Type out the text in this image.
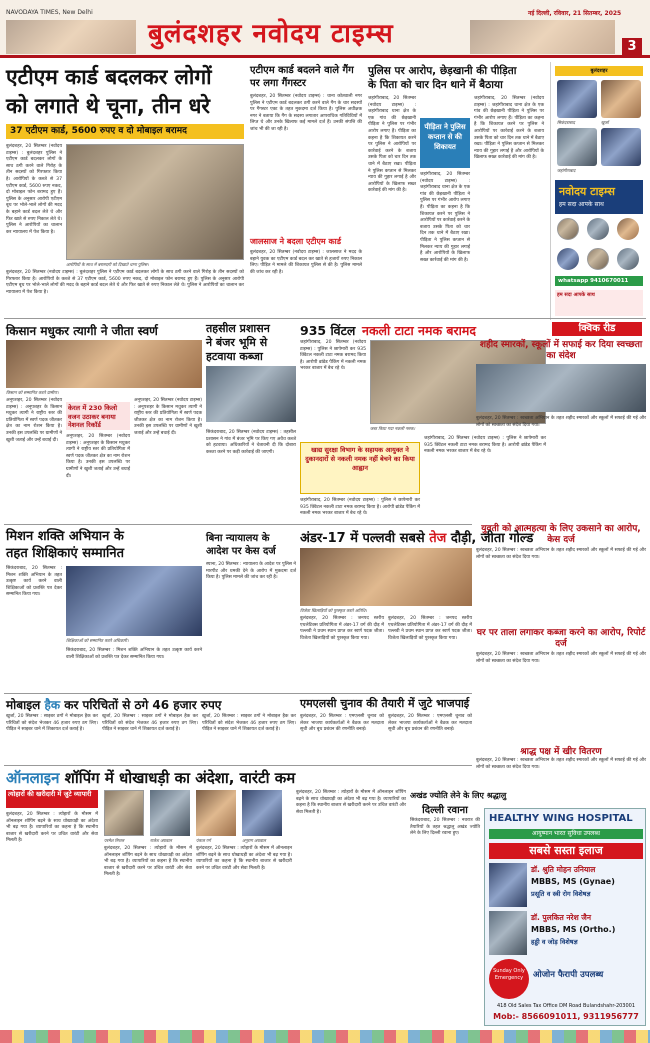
NAVODAYA TIMES, New Delhi	नई दिल्ली, रविवार, 21 सितम्बर, 2025
बुलंदशहर नवोदय टाइम्स	3
एटीएम कार्ड बदलकर लोगों
को लगाते थे चूना, तीन धरे
37 एटीएम कार्ड, 5600 रुपए व दो मोबाइल बरामद
बुलंदशहर, 20 सितम्बर (नवोदय टाइम्स) : बुलंदशहर पुलिस ने एटीएम कार्ड बदलकर लोगों के साथ ठगी करने वाले गिरोह के तीन सदस्यों को गिरफ्तार किया है। आरोपियों के कब्जे से 37 एटीएम कार्ड, 5600 रुपए नकद, दो मोबाइल फोन बरामद हुए हैं। पुलिस के अनुसार आरोपी एटीएम बूथ पर भोले-भाले लोगों की मदद के बहाने कार्ड बदल लेते थे और फिर खाते से रुपए निकाल लेते थे। पुलिस ने आरोपियों का चालान कर न्यायालय में पेश किया है।
आरोपियों के साथ में बरामदगी को दिखाते थाना पुलिस।
बुलंदशहर, 20 सितम्बर (नवोदय टाइम्स) : बुलंदशहर पुलिस ने एटीएम कार्ड बदलकर लोगों के साथ ठगी करने वाले गिरोह के तीन सदस्यों को गिरफ्तार किया है। आरोपियों के कब्जे से 37 एटीएम कार्ड, 5600 रुपए नकद, दो मोबाइल फोन बरामद हुए हैं। पुलिस के अनुसार आरोपी एटीएम बूथ पर भोले-भाले लोगों की मदद के बहाने कार्ड बदल लेते थे और फिर खाते से रुपए निकाल लेते थे। पुलिस ने आरोपियों का चालान कर न्यायालय में पेश किया है।
एटीएम कार्ड बदलने वाले गैंग पर लगा गैंगस्टर
बुलंदशहर, 20 सितम्बर (नवोदय टाइम्स) : थाना कोतवाली नगर पुलिस ने एटीएम कार्ड बदलकर ठगी करने वाले गैंग के चार सदस्यों पर गैंगस्टर एक्ट के तहत मुकदमा दर्ज किया है। पुलिस अधीक्षक नगर ने बताया कि गैंग के सदस्य लगातार आपराधिक गतिविधियों में लिप्त थे और उनके खिलाफ कई मामले दर्ज हैं। उनकी संपत्ति की जांच भी की जा रही है।
जालसाज ने बदला एटीएम कार्ड
बुलंदशहर, 20 सितम्बर (नवोदय टाइम्स) : जालसाज ने मदद के बहाने युवक का एटीएम कार्ड बदल कर खाते से हजारों रुपए निकाल लिए। पीड़ित ने मामले की शिकायत पुलिस से की है। पुलिस मामले की जांच कर रही है।
पुलिस पर आरोप, छेड़खानी की पीड़िता
के पिता को चार दिन थाने में बैठाया
जहांगीराबाद, 20 सितम्बर (नवोदय टाइम्स) : जहांगीराबाद थाना क्षेत्र के एक गांव की छेड़खानी पीड़िता ने पुलिस पर गंभीर आरोप लगाए हैं। पीड़िता का कहना है कि शिकायत करने पर पुलिस ने आरोपियों पर कार्रवाई करने के बजाय उसके पिता को चार दिन तक थाने में बैठाए रखा। पीड़िता ने पुलिस कप्तान से मिलकर न्याय की गुहार लगाई है और आरोपियों के खिलाफ सख्त कार्रवाई की मांग की है।
पीड़िता ने पुलिस कप्तान से की शिकायत
जहांगीराबाद, 20 सितम्बर (नवोदय टाइम्स) : जहांगीराबाद थाना क्षेत्र के एक गांव की छेड़खानी पीड़िता ने पुलिस पर गंभीर आरोप लगाए हैं। पीड़िता का कहना है कि शिकायत करने पर पुलिस ने आरोपियों पर कार्रवाई करने के बजाय उसके पिता को चार दिन तक थाने में बैठाए रखा। पीड़िता ने पुलिस कप्तान से मिलकर न्याय की गुहार लगाई है और आरोपियों के खिलाफ सख्त कार्रवाई की मांग की है।
जहांगीराबाद, 20 सितम्बर (नवोदय टाइम्स) : जहांगीराबाद थाना क्षेत्र के एक गांव की छेड़खानी पीड़िता ने पुलिस पर गंभीर आरोप लगाए हैं। पीड़िता का कहना है कि शिकायत करने पर पुलिस ने आरोपियों पर कार्रवाई करने के बजाय उसके पिता को चार दिन तक थाने में बैठाए रखा। पीड़िता ने पुलिस कप्तान से मिलकर न्याय की गुहार लगाई है और आरोपियों के खिलाफ सख्त कार्रवाई की मांग की है।
बुलंदशहर
सिकंदराबाद	खुर्जा
जहांगीराबाद
नवोदय टाइम्स
हम सदा आपके साथ
whatsapp 9410670011
हम सदा आपके साथ
किसान मधुकर त्यागी ने जीता स्वर्ण
किसान को सम्मानित करते ग्रामीण।
अनूपशहर, 20 सितम्बर (नवोदय टाइम्स) : अनूपशहर के किसान मधुकर त्यागी ने राष्ट्रीय स्तर की प्रतियोगिता में स्वर्ण पदक जीतकर क्षेत्र का नाम रोशन किया है। उनकी इस उपलब्धि पर ग्रामीणों ने खुशी जताई और उन्हें बधाई दी।
केरल में 230 किलो वजन उठाकर बनाया नेशनल रिकॉर्ड
अनूपशहर, 20 सितम्बर (नवोदय टाइम्स) : अनूपशहर के किसान मधुकर त्यागी ने राष्ट्रीय स्तर की प्रतियोगिता में स्वर्ण पदक जीतकर क्षेत्र का नाम रोशन किया है। उनकी इस उपलब्धि पर ग्रामीणों ने खुशी जताई और उन्हें बधाई दी।
अनूपशहर, 20 सितम्बर (नवोदय टाइम्स) : अनूपशहर के किसान मधुकर त्यागी ने राष्ट्रीय स्तर की प्रतियोगिता में स्वर्ण पदक जीतकर क्षेत्र का नाम रोशन किया है। उनकी इस उपलब्धि पर ग्रामीणों ने खुशी जताई और उन्हें बधाई दी।
तहसील प्रशासन
ने बंजर भूमि से
हटवाया कब्जा
सिकंदराबाद, 20 सितम्बर (नवोदय टाइम्स) : तहसील प्रशासन ने गांव में बंजर भूमि पर किए गए अवैध कब्जे को हटवाया। अधिकारियों ने चेतावनी दी कि दोबारा कब्जा करने पर कड़ी कार्रवाई की जाएगी।
935 विंटल नकली टाटा नमक बरामद
जहांगीराबाद, 20 सितम्बर (नवोदय टाइम्स) : पुलिस ने छापेमारी कर 935 क्विंटल नकली टाटा नमक बरामद किया है। आरोपी ब्रांडेड पैकिंग में नकली नमक भरकर बाजार में बेच रहे थे।
जब्त किया गया नकली नमक।
खाद्य सुरक्षा विभाग के सहायक आयुक्त ने दुकानदारों से नकली नमक नहीं बेचने का किया आह्वान
जहांगीराबाद, 20 सितम्बर (नवोदय टाइम्स) : पुलिस ने छापेमारी कर 935 क्विंटल नकली टाटा नमक बरामद किया है। आरोपी ब्रांडेड पैकिंग में नकली नमक भरकर बाजार में बेच रहे थे।
जहांगीराबाद, 20 सितम्बर (नवोदय टाइम्स) : पुलिस ने छापेमारी कर 935 क्विंटल नकली टाटा नमक बरामद किया है। आरोपी ब्रांडेड पैकिंग में नकली नमक भरकर बाजार में बेच रहे थे।
क्विक रीड
शहीद स्मारकों, स्कूलों में सफाई कर दिया स्वच्छता का संदेश
बुलंदशहर, 20 सितम्बर : स्वच्छता अभियान के तहत शहीद स्मारकों और स्कूलों में सफाई की गई और लोगों को स्वच्छता का संदेश दिया गया।
युवती को आत्महत्या के लिए उकसाने का आरोप, केस दर्ज
बुलंदशहर, 20 सितम्बर : स्वच्छता अभियान के तहत शहीद स्मारकों और स्कूलों में सफाई की गई और लोगों को स्वच्छता का संदेश दिया गया।
घर पर ताला लगाकर कब्जा करने का आरोप, रिपोर्ट दर्ज
बुलंदशहर, 20 सितम्बर : स्वच्छता अभियान के तहत शहीद स्मारकों और स्कूलों में सफाई की गई और लोगों को स्वच्छता का संदेश दिया गया।
श्राद्ध पक्ष में खीर वितरण
बुलंदशहर, 20 सितम्बर : स्वच्छता अभियान के तहत शहीद स्मारकों और स्कूलों में सफाई की गई और लोगों को स्वच्छता का संदेश दिया गया।
मिशन शक्ति अभियान के
तहत शिक्षिकाएं सम्मानित
सिकंदराबाद, 20 सितम्बर : मिशन शक्ति अभियान के तहत उत्कृष्ट कार्य करने वाली शिक्षिकाओं को प्रशस्ति पत्र देकर सम्मानित किया गया।
शिक्षिकाओं को सम्मानित करते अधिकारी।
सिकंदराबाद, 20 सितम्बर : मिशन शक्ति अभियान के तहत उत्कृष्ट कार्य करने वाली शिक्षिकाओं को प्रशस्ति पत्र देकर सम्मानित किया गया।
बिना न्यायालय के
आदेश पर केस दर्ज
स्याना, 20 सितम्बर : न्यायालय के आदेश पर पुलिस ने मारपीट और धमकी देने के आरोप में मुकदमा दर्ज किया है। पुलिस मामले की जांच कर रही है।
अंडर-17 में पल्लवी सबसे तेज दौड़ी, जीता गोल्ड
विजेता खिलाड़ियों को पुरस्कृत करते अतिथि।
बुलंदशहर, 20 सितम्बर : जनपद स्तरीय एथलेटिक्स प्रतियोगिता में अंडर-17 वर्ग की दौड़ में पल्लवी ने प्रथम स्थान प्राप्त कर स्वर्ण पदक जीता। विजेता खिलाड़ियों को पुरस्कृत किया गया।
बुलंदशहर, 20 सितम्बर : जनपद स्तरीय एथलेटिक्स प्रतियोगिता में अंडर-17 वर्ग की दौड़ में पल्लवी ने प्रथम स्थान प्राप्त कर स्वर्ण पदक जीता। विजेता खिलाड़ियों को पुरस्कृत किया गया।
मोबाइल हैक कर परिचितों से ठगे 46 हजार रुपए
खुर्जा, 20 सितम्बर : साइबर ठगों ने मोबाइल हैक कर परिचितों को संदेश भेजकर 46 हजार रुपए ठग लिए। पीड़ित ने साइबर थाने में शिकायत दर्ज कराई है।
खुर्जा, 20 सितम्बर : साइबर ठगों ने मोबाइल हैक कर परिचितों को संदेश भेजकर 46 हजार रुपए ठग लिए। पीड़ित ने साइबर थाने में शिकायत दर्ज कराई है।
खुर्जा, 20 सितम्बर : साइबर ठगों ने मोबाइल हैक कर परिचितों को संदेश भेजकर 46 हजार रुपए ठग लिए। पीड़ित ने साइबर थाने में शिकायत दर्ज कराई है।
एमएलसी चुनाव की तैयारी में जुटे भाजपाई
बुलंदशहर, 20 सितम्बर : एमएलसी चुनाव को लेकर भाजपा कार्यकर्ताओं ने बैठक कर मतदाता सूची और बूथ प्रबंधन की रणनीति बनाई।
बुलंदशहर, 20 सितम्बर : एमएलसी चुनाव को लेकर भाजपा कार्यकर्ताओं ने बैठक कर मतदाता सूची और बूथ प्रबंधन की रणनीति बनाई।
ऑनलाइन शॉपिंग में धोखाधड़ी का अंदेशा, वारंटी कम
त्योहारों की खरीदारी में जुटे व्यापारी
बुलंदशहर, 20 सितम्बर : त्योहारों के मौसम में ऑनलाइन शॉपिंग बढ़ने के साथ धोखाधड़ी का अंदेशा भी बढ़ गया है। व्यापारियों का कहना है कि स्थानीय बाजार से खरीदारी करने पर उचित वारंटी और सेवा मिलती है।	परमेश मित्तल	राजेश अग्रवाल	पंकज गर्ग	अनुराग अग्रवाल
बुलंदशहर, 20 सितम्बर : त्योहारों के मौसम में ऑनलाइन शॉपिंग बढ़ने के साथ धोखाधड़ी का अंदेशा भी बढ़ गया है। व्यापारियों का कहना है कि स्थानीय बाजार से खरीदारी करने पर उचित वारंटी और सेवा मिलती है।
बुलंदशहर, 20 सितम्बर : त्योहारों के मौसम में ऑनलाइन शॉपिंग बढ़ने के साथ धोखाधड़ी का अंदेशा भी बढ़ गया है। व्यापारियों का कहना है कि स्थानीय बाजार से खरीदारी करने पर उचित वारंटी और सेवा मिलती है।
बुलंदशहर, 20 सितम्बर : त्योहारों के मौसम में ऑनलाइन शॉपिंग बढ़ने के साथ धोखाधड़ी का अंदेशा भी बढ़ गया है। व्यापारियों का कहना है कि स्थानीय बाजार से खरीदारी करने पर उचित वारंटी और सेवा मिलती है।
अखंड ज्योति लेने के लिए श्रद्धालु
दिल्ली रवाना
सिकंदराबाद, 20 सितम्बर : नवरात्र की तैयारियों के तहत श्रद्धालु अखंड ज्योति लेने के लिए दिल्ली रवाना हुए।
HEALTHY WING HOSPITAL
आयुष्मान भारत सुविधा उपलब्ध
सबसे सस्ता इलाज
डॉ. श्रुति मोहन उनियाल
MBBS, MS (Gynae)
प्रसूति व स्त्री रोग विशेषज्ञ
डॉ. पुलकित नरेश जैन
MBBS, MS (Ortho.)
हड्डी व जोड़ विशेषज्ञ
Sunday Only Emergency	ओजोन फैरापी उपलब्ध
418 Old Sales Tax Office DM Road Bulandshahr-203001
Mob:- 8566091011, 9311956777
